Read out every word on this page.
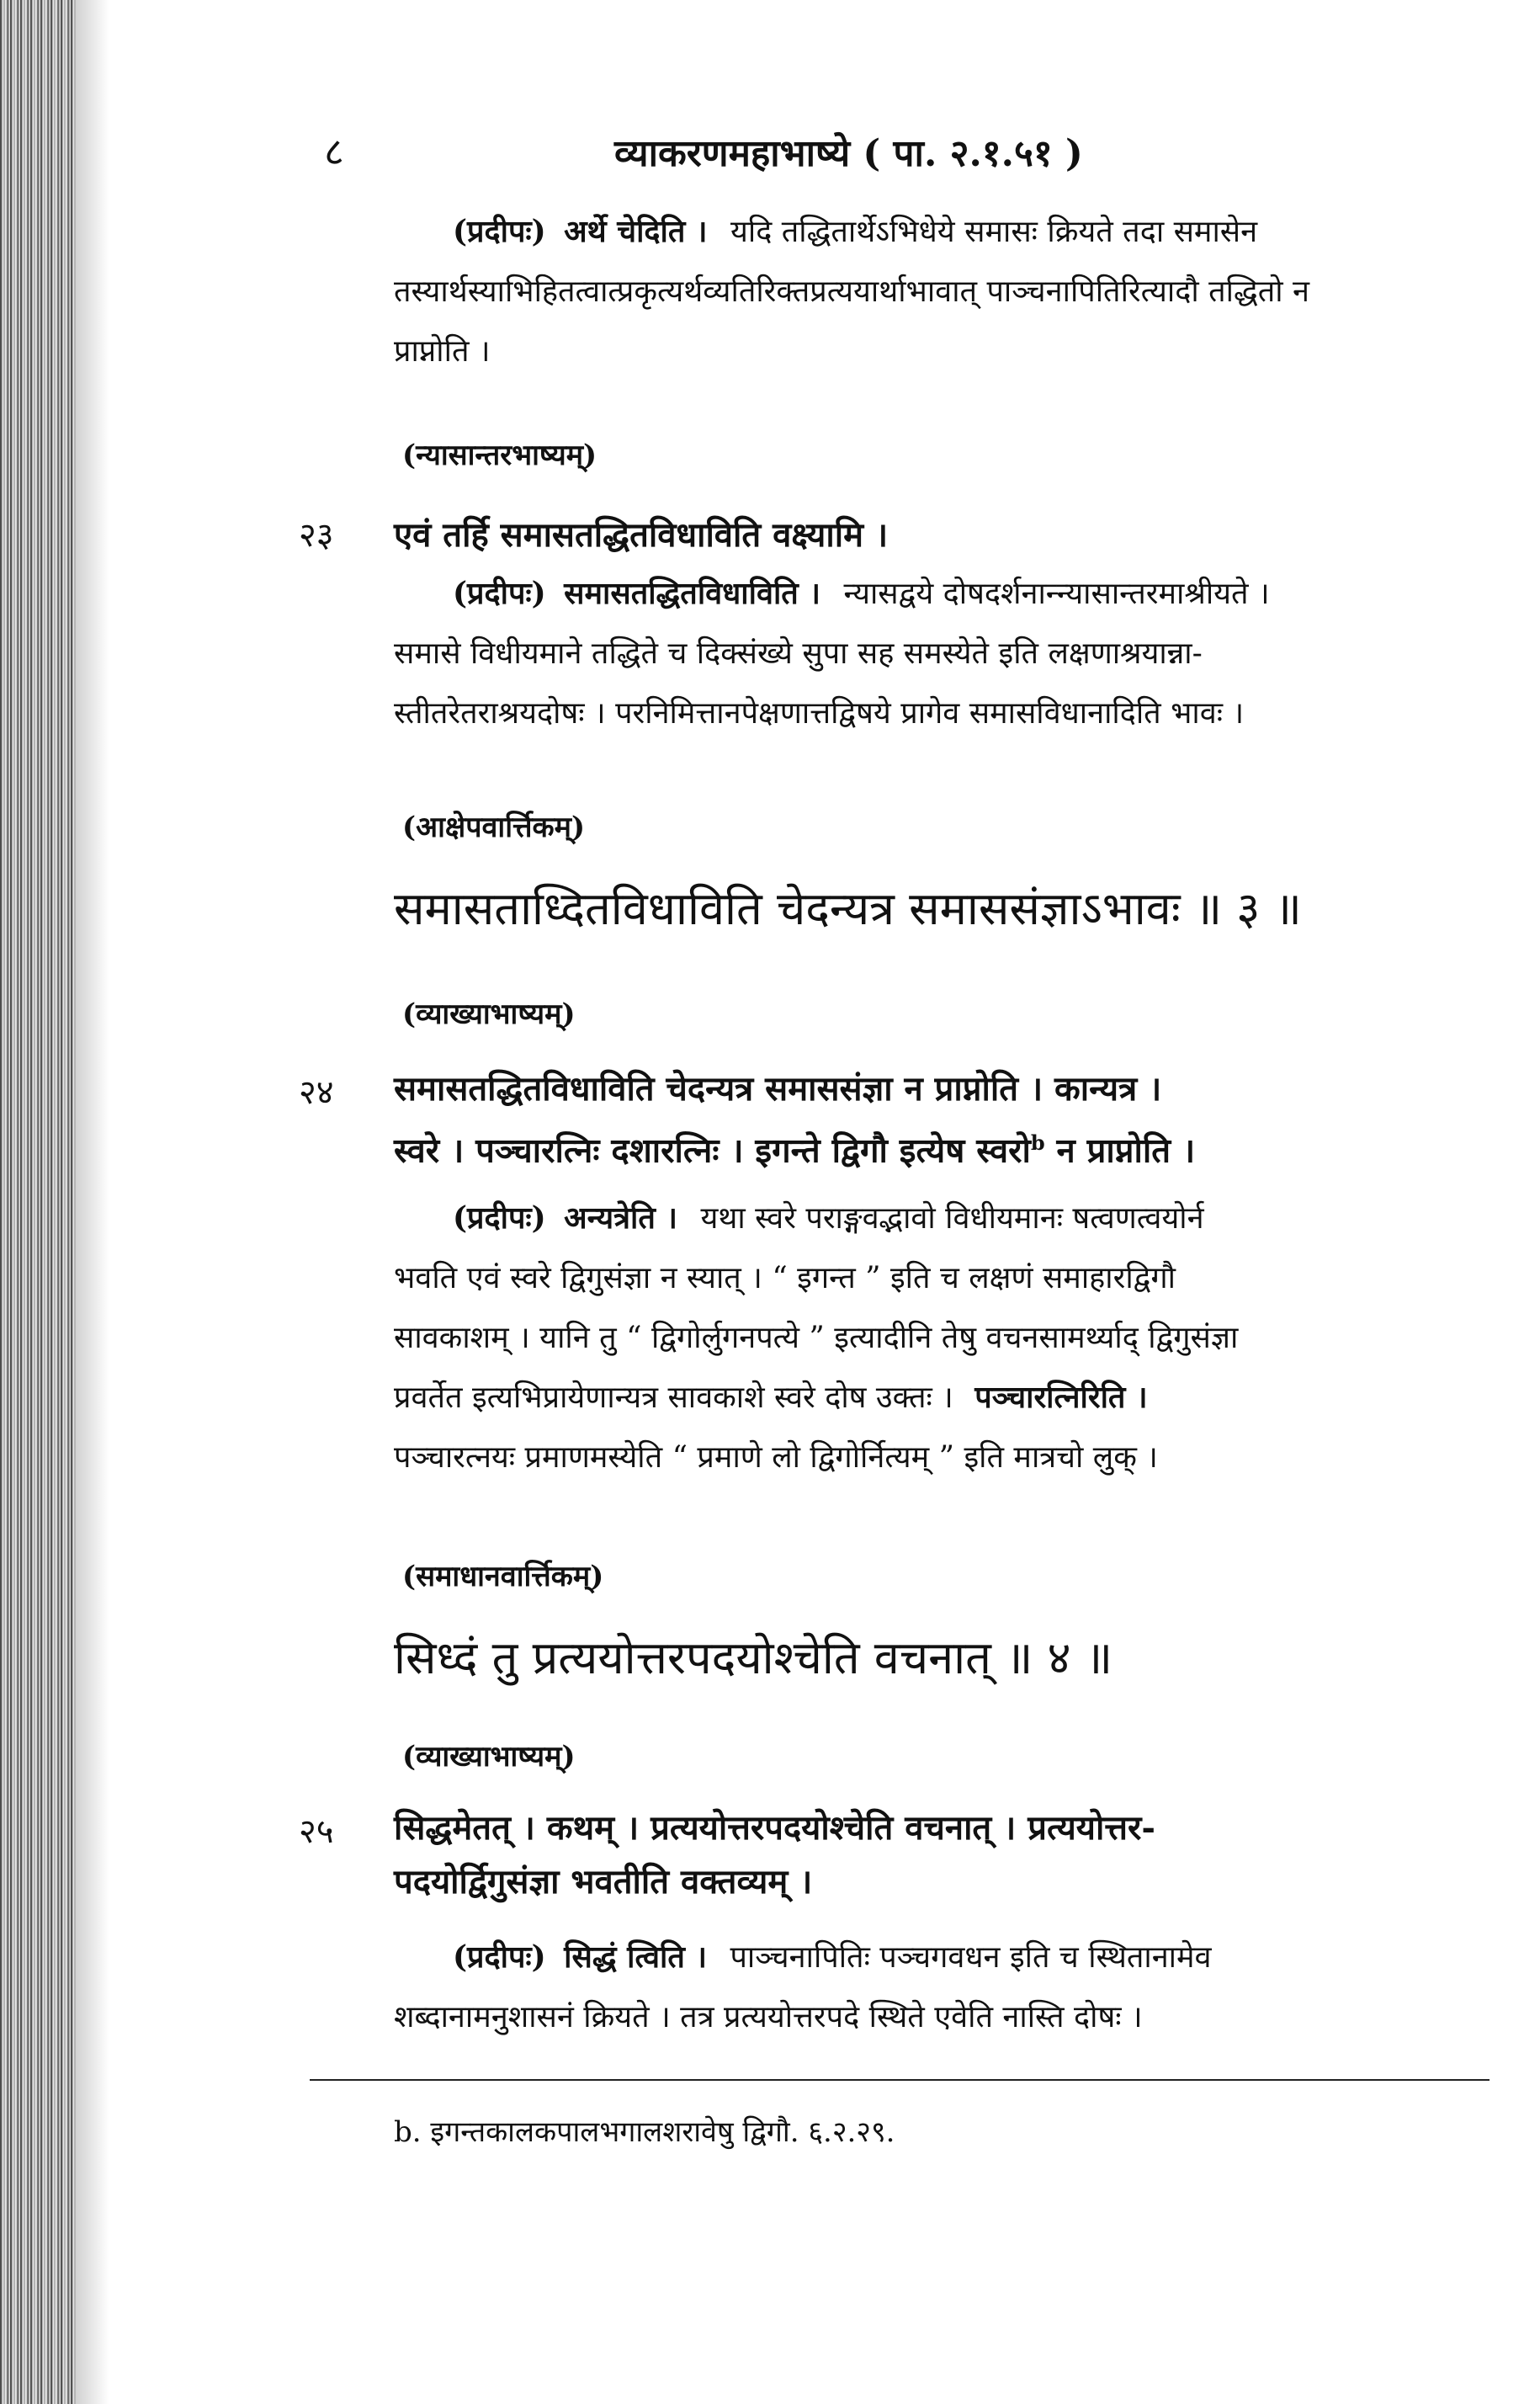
८	व्याकरणमहाभाष्ये ( पा. २.१.५१ )
(प्रदीपः) अर्थे चेदिति । यदि तद्धितार्थेऽभिधेये समासः क्रियते तदा समासेन
तस्यार्थस्याभिहितत्वात्प्रकृत्यर्थव्यतिरिक्तप्रत्ययार्थाभावात् पाञ्चनापितिरित्यादौ तद्धितो न
प्राप्नोति ।
(न्यासान्तरभाष्यम्)
२३ एवं तर्हि समासतद्धितविधाविति वक्ष्यामि ।
(प्रदीपः) समासतद्धितविधाविति । न्यासद्वये दोषदर्शनान्न्यासान्तरमाश्रीयते ।
समासे विधीयमाने तद्धिते च दिक्संख्ये सुपा सह समस्येते इति लक्षणाश्रयान्ना-
स्तीतरेतराश्रयदोषः । परनिमित्तानपेक्षणात्तद्विषये प्रागेव समासविधानादिति भावः ।
(आक्षेपवार्त्तिकम्)
समासताध्दितविधाविति चेदन्यत्र समाससंज्ञाऽभावः ॥ ३ ॥
(व्याख्याभाष्यम्)
२४ समासतद्धितविधाविति चेदन्यत्र समाससंज्ञा न प्राप्नोति । कान्यत्र ।
स्वरे । पञ्चारत्निः दशारत्निः । इगन्ते द्विगौ इत्येष स्वरो$^b$ न प्राप्नोति ।
(प्रदीपः) अन्यत्रेति । यथा स्वरे पराङ्गवद्भावो विधीयमानः षत्वणत्वयोर्न
भवति एवं स्वरे द्विगुसंज्ञा न स्यात् । “ इगन्त ” इति च लक्षणं समाहारद्विगौ
सावकाशम् । यानि तु “ द्विगोर्लुगनपत्ये ” इत्यादीनि तेषु वचनसामर्थ्याद् द्विगुसंज्ञा
प्रवर्तेत इत्यभिप्रायेणान्यत्र सावकाशे स्वरे दोष उक्तः । पञ्चारत्निरिति ।
पञ्चारत्नयः प्रमाणमस्येति “ प्रमाणे लो द्विगोर्नित्यम् ” इति मात्रचो लुक् ।
(समाधानवार्त्तिकम्)
सिध्दं तु प्रत्ययोत्तरपदयोश्चेति वचनात् ॥ ४ ॥
(व्याख्याभाष्यम्)
२५ सिद्धमेतत् । कथम् । प्रत्ययोत्तरपदयोश्चेति वचनात् । प्रत्ययोत्तर-
पदयोर्द्विगुसंज्ञा भवतीति वक्तव्यम् ।
(प्रदीपः) सिद्धं त्विति । पाञ्चनापितिः पञ्चगवधन इति च स्थितानामेव
शब्दानामनुशासनं क्रियते । तत्र प्रत्ययोत्तरपदे स्थिते एवेति नास्ति दोषः ।
b. इगन्तकालकपालभगालशरावेषु द्विगौ. ६.२.२९.
